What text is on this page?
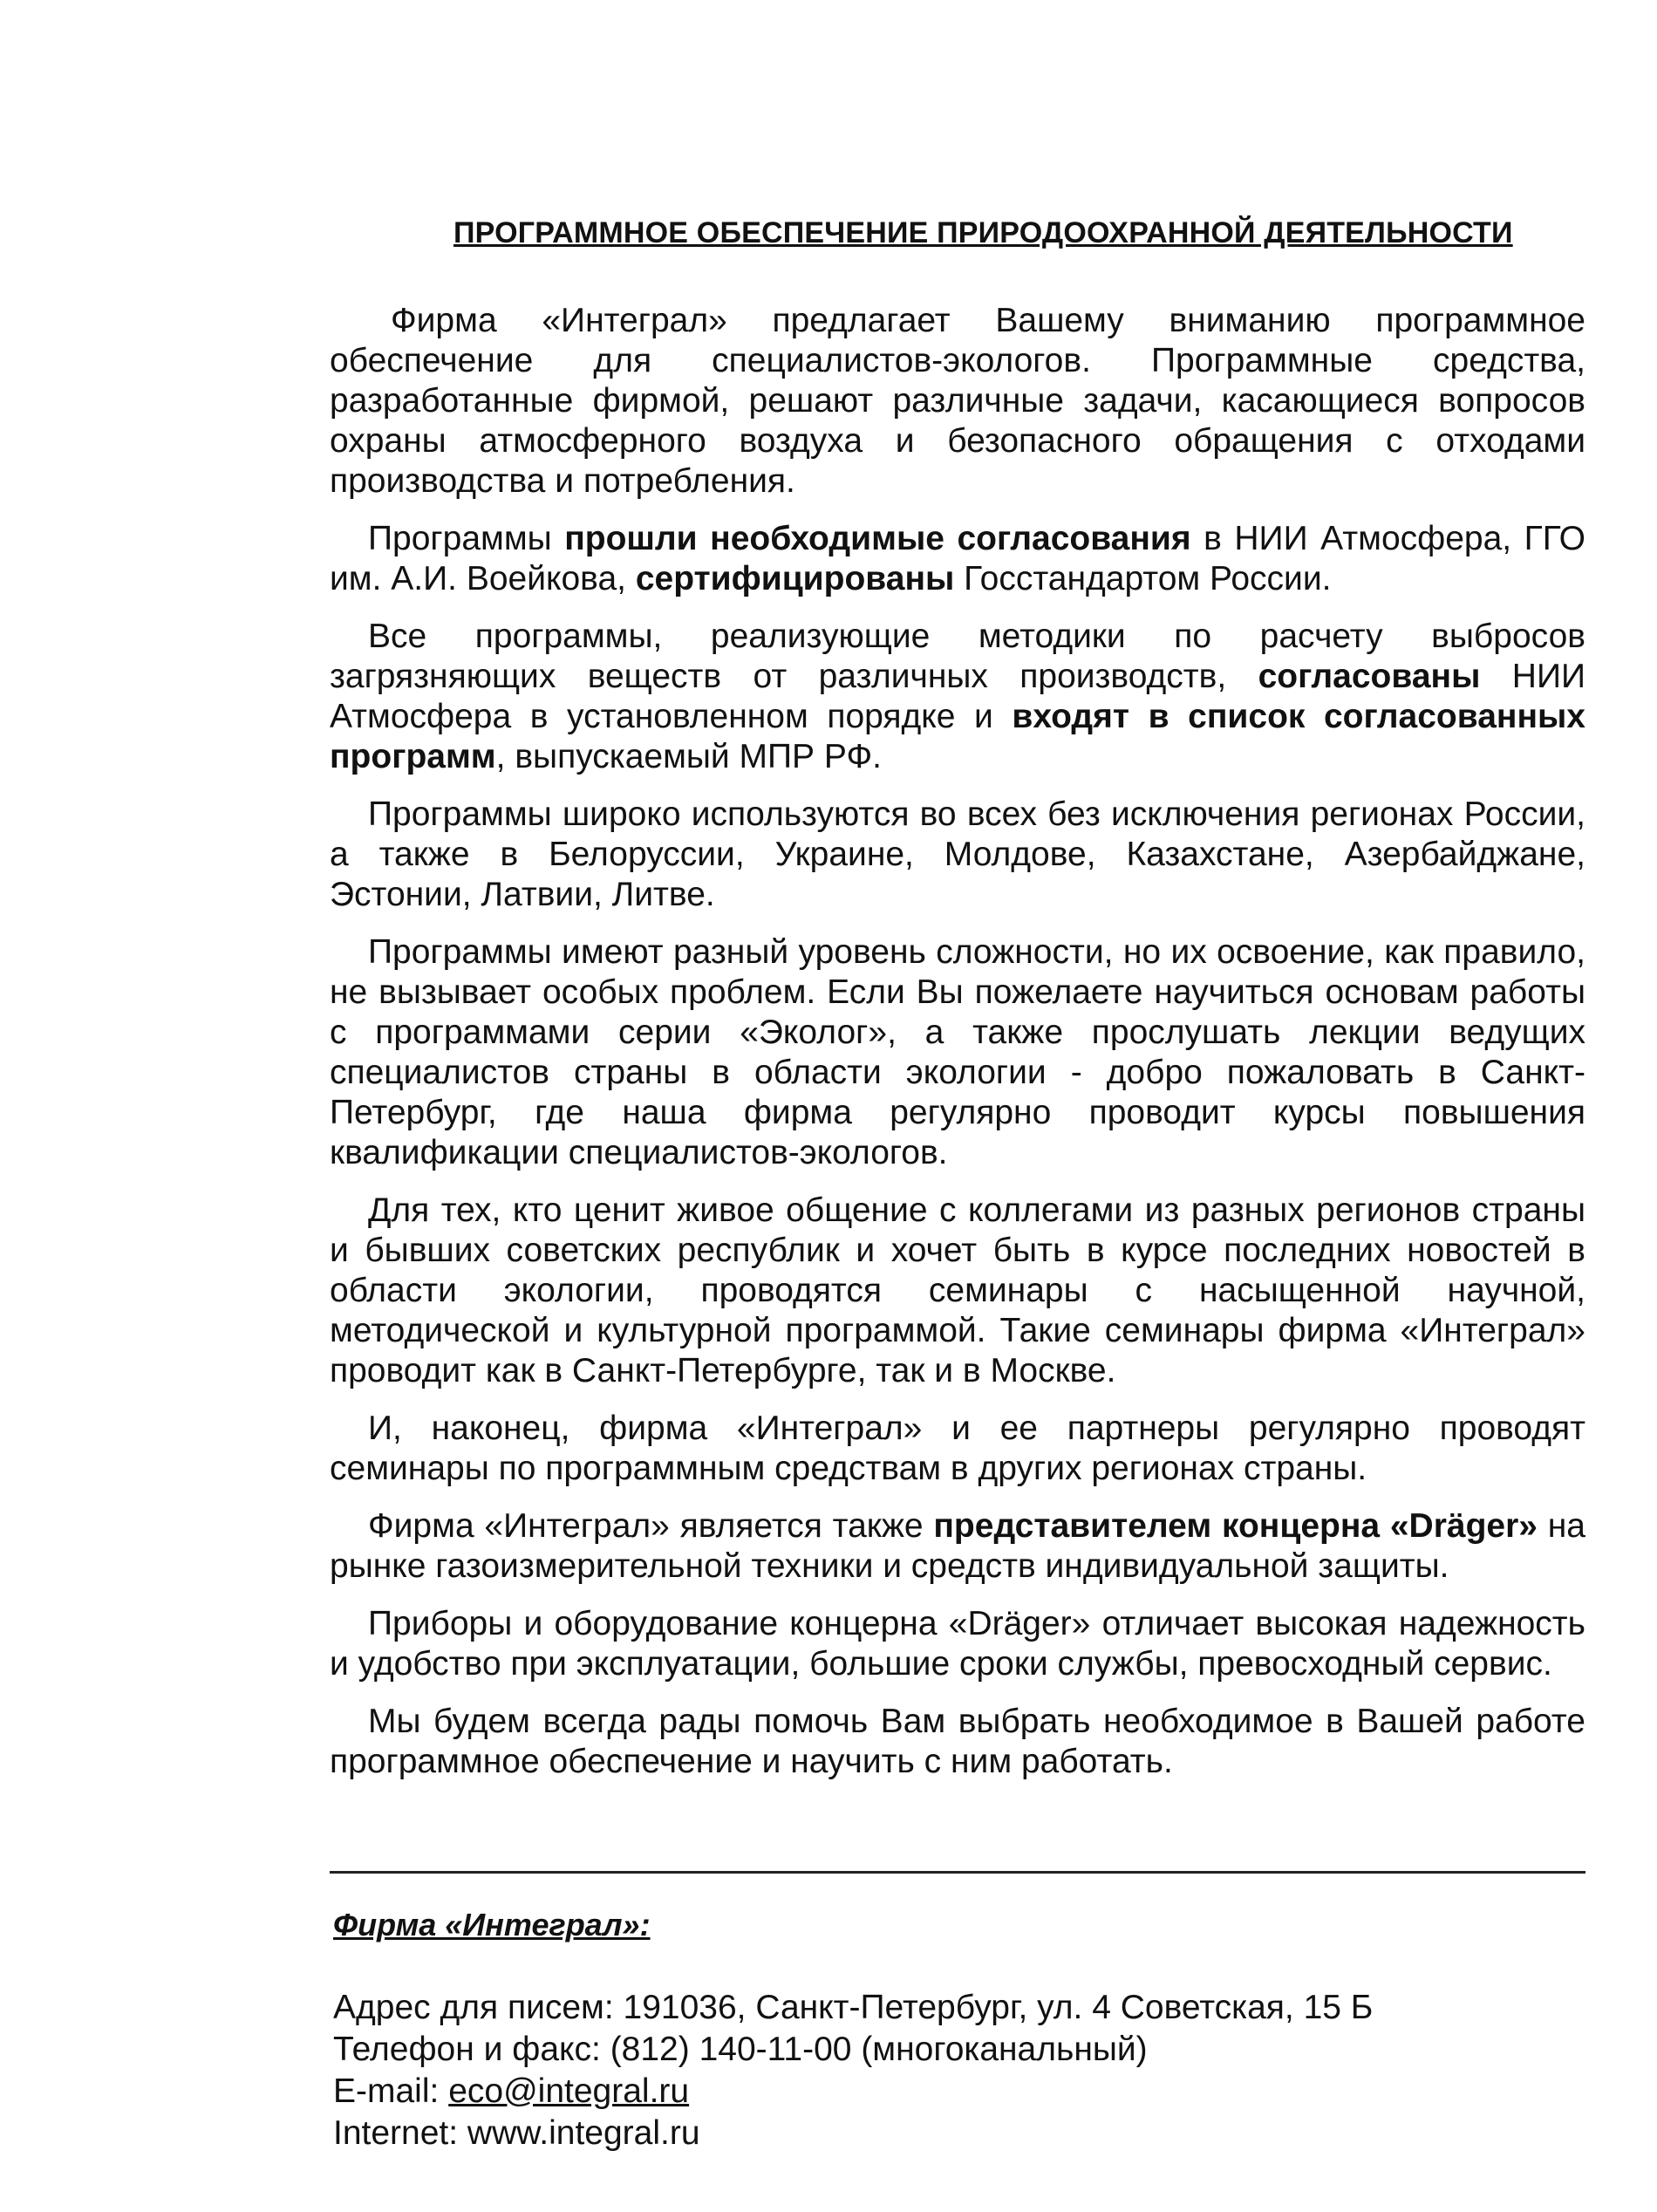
ПРОГРАММНОЕ ОБЕСПЕЧЕНИЕ ПРИРОДООХРАННОЙ ДЕЯТЕЛЬНОСТИ

Фирма «Интеграл» предлагает Вашему вниманию программное обеспечение для специалистов-экологов. Программные средства, разработанные фирмой, решают различные задачи, касающиеся вопросов охраны атмосферного воздуха и безопасного обращения с отходами производства и потребления.

Программы прошли необходимые согласования в НИИ Атмосфера, ГГО им. А.И. Воейкова, сертифицированы Госстандартом России.

Все программы, реализующие методики по расчету выбросов загрязняющих веществ от различных производств, согласованы НИИ Атмосфера в установленном порядке и входят в список согласованных программ, выпускаемый МПР РФ.

Программы широко используются во всех без исключения регионах России, а также в Белоруссии, Украине, Молдове, Казахстане, Азербайджане, Эстонии, Латвии, Литве.

Программы имеют разный уровень сложности, но их освоение, как правило, не вызывает особых проблем. Если Вы пожелаете научиться основам работы с программами серии «Эколог», а также прослушать лекции ведущих специалистов страны в области экологии - добро пожаловать в Санкт-Петербург, где наша фирма регулярно проводит курсы повышения квалификации специалистов-экологов.

Для тех, кто ценит живое общение с коллегами из разных регионов страны и бывших советских республик и хочет быть в курсе последних новостей в области экологии, проводятся семинары с насыщенной научной, методической и культурной программой. Такие семинары фирма «Интеграл» проводит как в Санкт-Петербурге, так и в Москве.

И, наконец, фирма «Интеграл» и ее партнеры регулярно проводят семинары по программным средствам в других регионах страны.

Фирма «Интеграл» является также представителем концерна «Dräger» на рынке газоизмерительной техники и средств индивидуальной защиты.

Приборы и оборудование концерна «Dräger» отличает высокая надежность и удобство при эксплуатации, большие сроки службы, превосходный сервис.

Мы будем всегда рады помочь Вам выбрать необходимое в Вашей работе программное обеспечение и научить с ним работать.

Фирма «Интеграл»:
Адрес для писем: 191036, Санкт-Петербург, ул. 4 Советская, 15 Б
Телефон и факс: (812) 140-11-00 (многоканальный)
E-mail: eco@integral.ru
Internet: www.integral.ru
